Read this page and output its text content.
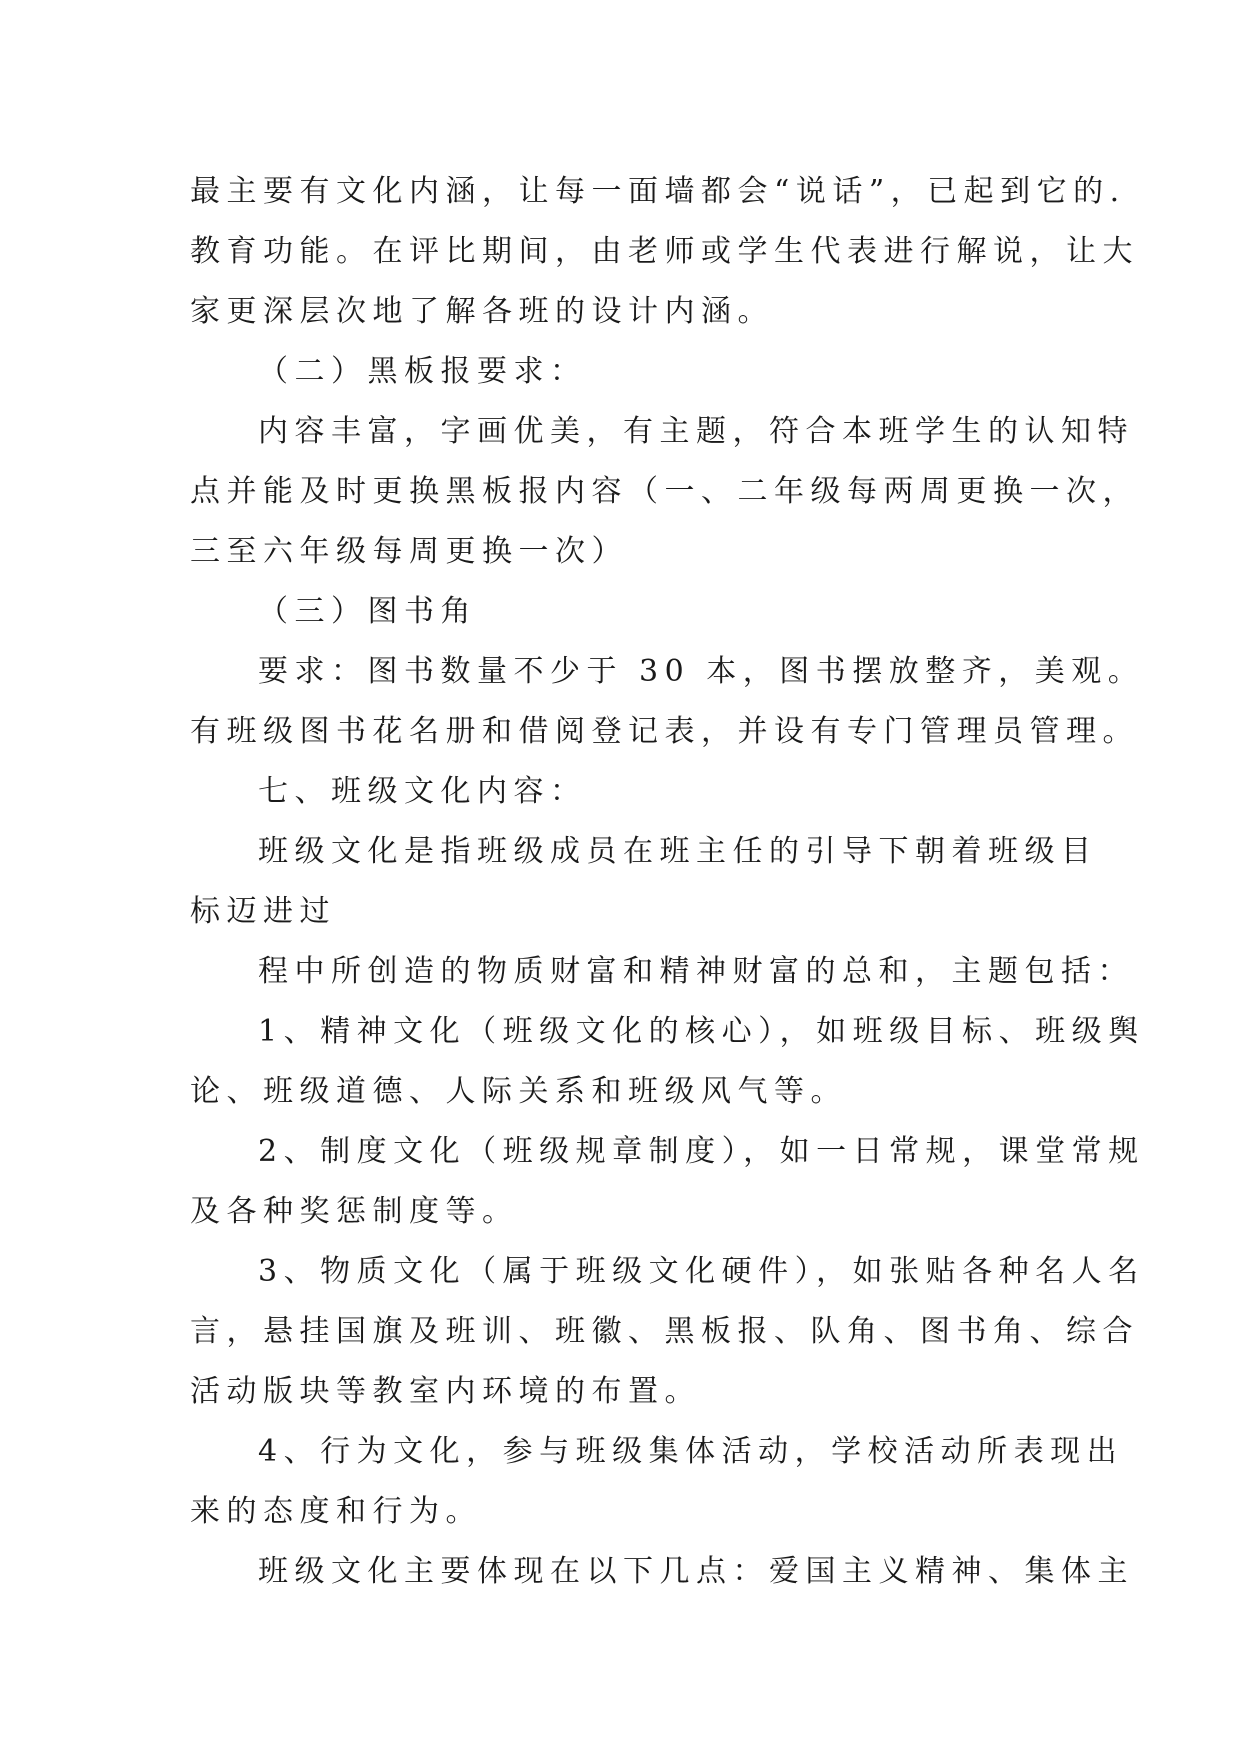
最主要有文化内涵，让每一面墙都会“说话”，已起到它的.
教育功能。在评比期间，由老师或学生代表进行解说，让大
家更深层次地了解各班的设计内涵。
（二）黑板报要求：
内容丰富，字画优美，有主题，符合本班学生的认知特
点并能及时更换黑板报内容（一、二年级每两周更换一次，
三至六年级每周更换一次）
（三）图书角
要求：图书数量不少于 30 本，图书摆放整齐，美观。
有班级图书花名册和借阅登记表，并设有专门管理员管理。
七、班级文化内容：
班级文化是指班级成员在班主任的引导下朝着班级目
标迈进过
程中所创造的物质财富和精神财富的总和，主题包括：
1、精神文化（班级文化的核心），如班级目标、班级舆
论、班级道德、人际关系和班级风气等。
2、制度文化（班级规章制度），如一日常规，课堂常规
及各种奖惩制度等。
3、物质文化（属于班级文化硬件），如张贴各种名人名
言，悬挂国旗及班训、班徽、黑板报、队角、图书角、综合
活动版块等教室内环境的布置。
4、行为文化，参与班级集体活动，学校活动所表现出
来的态度和行为。
班级文化主要体现在以下几点：爱国主义精神、集体主
